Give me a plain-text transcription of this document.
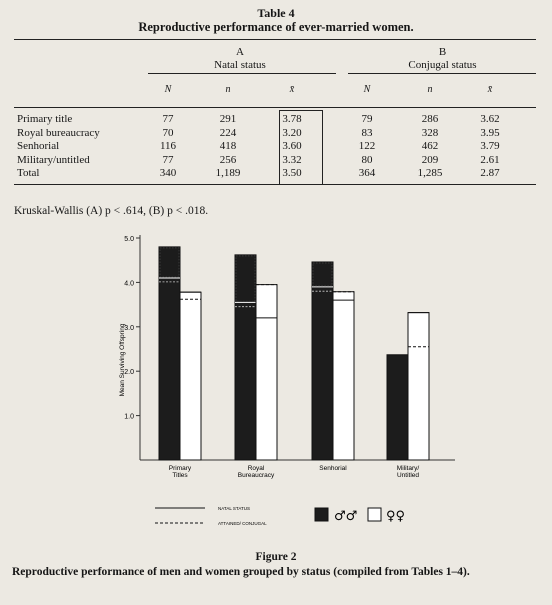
Table 4
Reproductive performance of ever-married women.
A
Natal status
B
Conjugal status
N	n	x̄	N	n	x̄
Primary title	77	291	3.78	79	286	3.62
Royal bureaucracy	70	224	3.20	83	328	3.95
Senhorial	116	418	3.60	122	462	3.79
Military/untitled	77	256	3.32	80	209	2.61
Total	340	1,189	3.50	364	1,285	2.87
Kruskal-Wallis (A) p < .614, (B) p < .018.
1.0
2.0
3.0
4.0
5.0
Mean Surviving Offspring
Primary
Titles
Royal
Bureaucracy
Senhorial	Military/
Untitled
NATAL STATUS
ATTAINED/ CONJUGAL	♂♂ ♀♀
Figure 2
Reproductive performance of men and women grouped by status (compiled from Tables 1–4).
